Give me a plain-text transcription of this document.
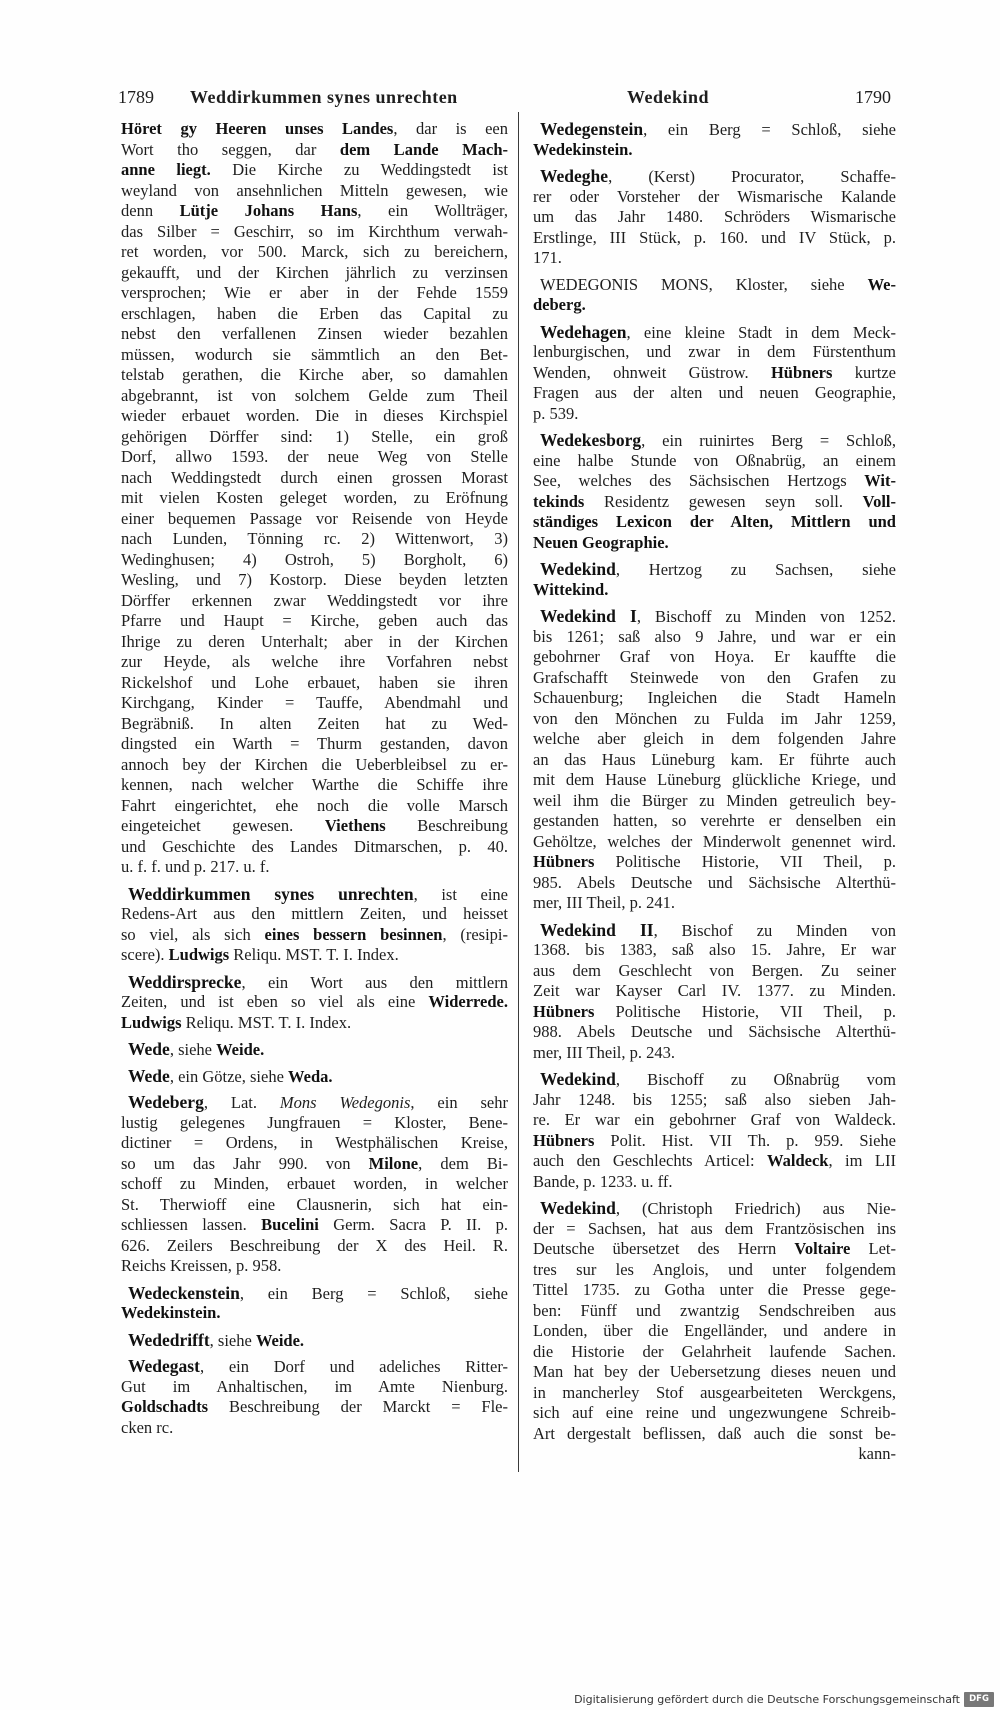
1789 Weddirkummen synes unrechten	Wedekind	1790
Höret gy Heeren unses Landes, dar is een
Wort tho seggen, dar dem Lande Mach-
anne liegt. Die Kirche zu Weddingstedt ist
weyland von ansehnlichen Mitteln gewesen, wie
denn Lütje Johans Hans, ein Wollträger,
das Silber = Geschirr, so im Kirchthum verwah-
ret worden, vor 500. Marck, sich zu bereichern,
gekaufft, und der Kirchen jährlich zu verzinsen
versprochen; Wie er aber in der Fehde 1559
erschlagen, haben die Erben das Capital zu
nebst den verfallenen Zinsen wieder bezahlen
müssen, wodurch sie sämmtlich an den Bet-
telstab gerathen, die Kirche aber, so damahlen
abgebrannt, ist von solchem Gelde zum Theil
wieder erbauet worden. Die in dieses Kirchspiel
gehörigen Dörffer sind: 1) Stelle, ein groß
Dorf, allwo 1593. der neue Weg von Stelle
nach Weddingstedt durch einen grossen Morast
mit vielen Kosten geleget worden, zu Eröfnung
einer bequemen Passage vor Reisende von Heyde
nach Lunden, Tönning rc. 2) Wittenwort, 3)
Wedinghusen; 4) Ostroh, 5) Borgholt, 6)
Wesling, und 7) Kostorp. Diese beyden letzten
Dörffer erkennen zwar Weddingstedt vor ihre
Pfarre und Haupt = Kirche, geben auch das
Ihrige zu deren Unterhalt; aber in der Kirchen
zur Heyde, als welche ihre Vorfahren nebst
Rickelshof und Lohe erbauet, haben sie ihren
Kirchgang, Kinder = Tauffe, Abendmahl und
Begräbniß. In alten Zeiten hat zu Wed-
dingsted ein Warth = Thurm gestanden, davon
annoch bey der Kirchen die Ueberbleibsel zu er-
kennen, nach welcher Warthe die Schiffe ihre
Fahrt eingerichtet, ehe noch die volle Marsch
eingeteichet gewesen. Viethens Beschreibung
und Geschichte des Landes Ditmarschen, p. 40.
u. f. f. und p. 217. u. f.
Weddirkummen synes unrechten, ist eine
Redens-Art aus den mittlern Zeiten, und heisset
so viel, als sich eines bessern besinnen, (resipi-
scere). Ludwigs Reliqu. MST. T. I. Index.
Weddirsprecke, ein Wort aus den mittlern
Zeiten, und ist eben so viel als eine Widerrede.
Ludwigs Reliqu. MST. T. I. Index.
Wede, siehe Weide.
Wede, ein Götze, siehe Weda.
Wedeberg, Lat. Mons Wedegonis, ein sehr
lustig gelegenes Jungfrauen = Kloster, Bene-
dictiner = Ordens, in Westphälischen Kreise,
so um das Jahr 990. von Milone, dem Bi-
schoff zu Minden, erbauet worden, in welcher
St. Therwioff eine Clausnerin, sich hat ein-
schliessen lassen. Bucelini Germ. Sacra P. II. p.
626. Zeilers Beschreibung der X des Heil. R.
Reichs Kreissen, p. 958.
Wedeckenstein, ein Berg = Schloß, siehe
Wedekinstein.
Wededrifft, siehe Weide.
Wedegast, ein Dorf und adeliches Ritter-
Gut im Anhaltischen, im Amte Nienburg.
Goldschadts Beschreibung der Marckt = Fle-
cken rc.
Wedegenstein, ein Berg = Schloß, siehe
Wedekinstein.
Wedeghe, (Kerst) Procurator, Schaffe-
rer oder Vorsteher der Wismarische Kalande
um das Jahr 1480. Schröders Wismarische
Erstlinge, III Stück, p. 160. und IV Stück, p.
171.
WEDEGONIS MONS, Kloster, siehe We-
deberg.
Wedehagen, eine kleine Stadt in dem Meck-
lenburgischen, und zwar in dem Fürstenthum
Wenden, ohnweit Güstrow. Hübners kurtze
Fragen aus der alten und neuen Geographie,
p. 539.
Wedekesborg, ein ruinirtes Berg = Schloß,
eine halbe Stunde von Oßnabrüg, an einem
See, welches des Sächsischen Hertzogs Wit-
tekinds Residentz gewesen seyn soll. Voll-
ständiges Lexicon der Alten, Mittlern und
Neuen Geographie.
Wedekind, Hertzog zu Sachsen, siehe
Wittekind.
Wedekind I, Bischoff zu Minden von 1252.
bis 1261; saß also 9 Jahre, und war er ein
gebohrner Graf von Hoya. Er kauffte die
Grafschafft Steinwede von den Grafen zu
Schauenburg; Ingleichen die Stadt Hameln
von den Mönchen zu Fulda im Jahr 1259,
welche aber gleich in dem folgenden Jahre
an das Haus Lüneburg kam. Er führte auch
mit dem Hause Lüneburg glückliche Kriege, und
weil ihm die Bürger zu Minden getreulich bey-
gestanden hatten, so verehrte er denselben ein
Gehöltze, welches der Minderwolt genennet wird.
Hübners Politische Historie, VII Theil, p.
985. Abels Deutsche und Sächsische Alterthü-
mer, III Theil, p. 241.
Wedekind II, Bischof zu Minden von
1368. bis 1383, saß also 15. Jahre, Er war
aus dem Geschlecht von Bergen. Zu seiner
Zeit war Kayser Carl IV. 1377. zu Minden.
Hübners Politische Historie, VII Theil, p.
988. Abels Deutsche und Sächsische Alterthü-
mer, III Theil, p. 243.
Wedekind, Bischoff zu Oßnabrüg vom
Jahr 1248. bis 1255; saß also sieben Jah-
re. Er war ein gebohrner Graf von Waldeck.
Hübners Polit. Hist. VII Th. p. 959. Siehe
auch den Geschlechts Articel: Waldeck, im LII
Bande, p. 1233. u. ff.
Wedekind, (Christoph Friedrich) aus Nie-
der = Sachsen, hat aus dem Frantzösischen ins
Deutsche übersetzet des Herrn Voltaire Let-
tres sur les Anglois, und unter folgendem
Tittel 1735. zu Gotha unter die Presse gege-
ben: Fünff und zwantzig Sendschreiben aus
Londen, über die Engelländer, und andere in
die Historie der Gelahrheit laufende Sachen.
Man hat bey der Uebersetzung dieses neuen und
in mancherley Stof ausgearbeiteten Werckgens,
sich auf eine reine und ungezwungene Schreib-
Art dergestalt beflissen, daß auch die sonst be-
kann-
Digitalisierung gefördert durch die Deutsche Forschungsgemeinschaft	DFG
